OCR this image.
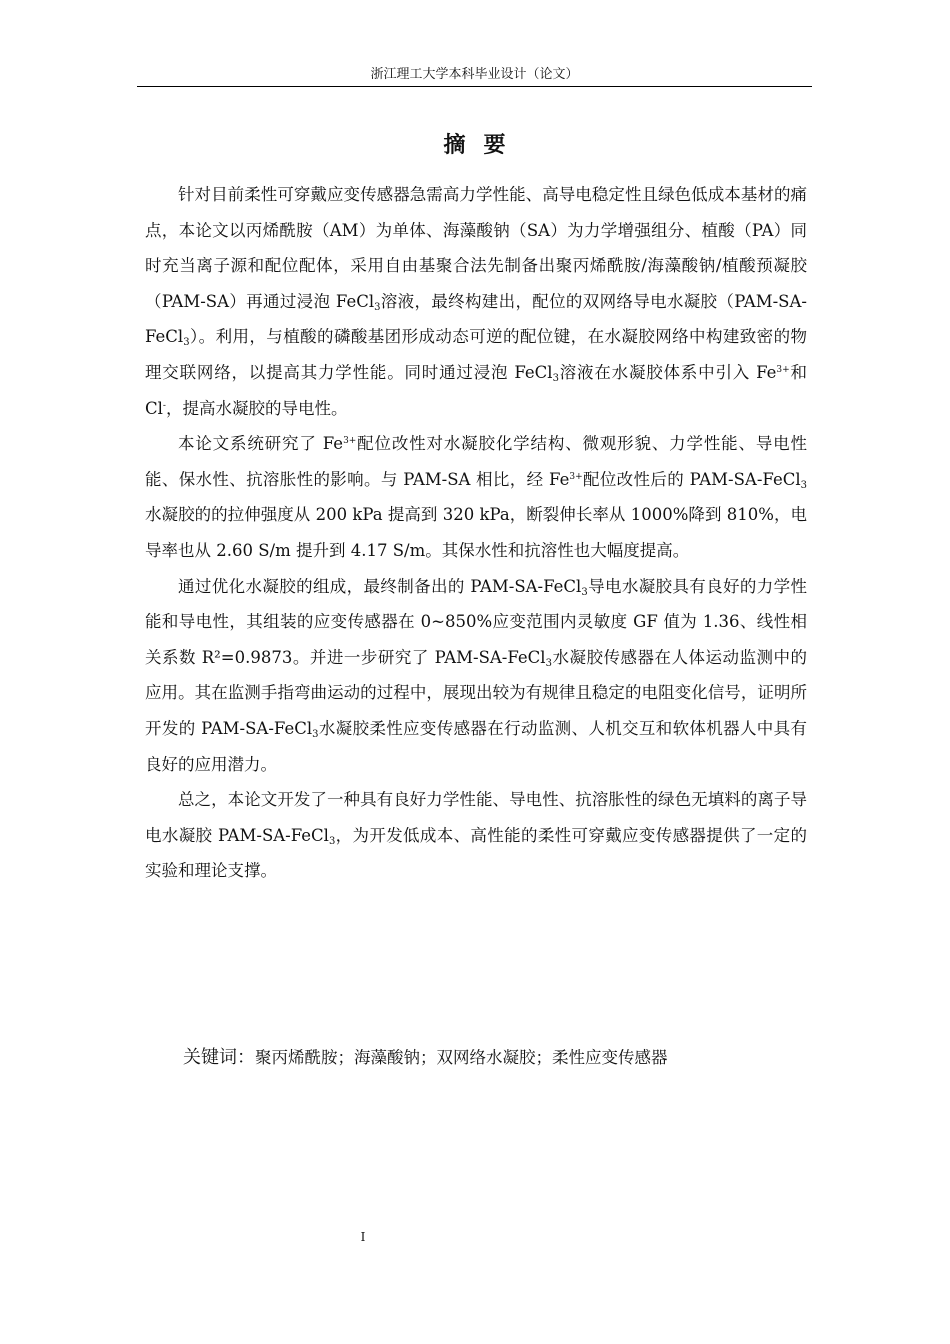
浙江理工大学本科毕业设计（论文）
摘要

针对目前柔性可穿戴应变传感器急需高力学性能、高导电稳定性且绿色低成本基材的痛点，本论文以丙烯酰胺（AM）为单体、海藻酸钠（SA）为力学增强组分、植酸（PA）同时充当离子源和配位配体，采用自由基聚合法先制备出聚丙烯酰胺/海藻酸钠/植酸预凝胶（PAM-SA）再通过浸泡 FeCl$_3$溶液，最终构建出，配位的双网络导电水凝胶（PAM-SA-FeCl$_3$）。利用，与植酸的磷酸基团形成动态可逆的配位键，在水凝胶网络中构建致密的物理交联网络，以提高其力学性能。同时通过浸泡 FeCl$_3$溶液在水凝胶体系中引入 $Fe^{3+}$和 Cl-，提高水凝胶的导电性。

本论文系统研究了 $Fe^{3+}$配位改性对水凝胶化学结构、微观形貌、力学性能、导电性能、保水性、抗溶胀性的影响。与 PAM-SA 相比，经 $Fe^{3+}$配位改性后的 PAM-SA-FeCl$_3$水凝胶的的拉伸强度从 200 kPa 提高到 320 kPa，断裂伸长率从 1000%降到 810%，电导率也从 2.60 S/m 提升到 4.17 S/m。其保水性和抗溶性也大幅度提高。

通过优化水凝胶的组成，最终制备出的 PAM-SA-FeCl$_3$导电水凝胶具有良好的力学性能和导电性，其组装的应变传感器在 0~850%应变范围内灵敏度 GF 值为 1.36、线性相关系数 R²=0.9873。并进一步研究了 PAM-SA-FeCl$_3$水凝胶传感器在人体运动监测中的应用。其在监测手指弯曲运动的过程中，展现出较为有规律且稳定的电阻变化信号，证明所开发的 PAM-SA-FeCl$_3$水凝胶柔性应变传感器在行动监测、人机交互和软体机器人中具有良好的应用潜力。

总之，本论文开发了一种具有良好力学性能、导电性、抗溶胀性的绿色无填料的离子导电水凝胶 PAM-SA-FeCl$_3$，为开发低成本、高性能的柔性可穿戴应变传感器提供了一定的实验和理论支撑。

关键词：聚丙烯酰胺；海藻酸钠；双网络水凝胶；柔性应变传感器
I
